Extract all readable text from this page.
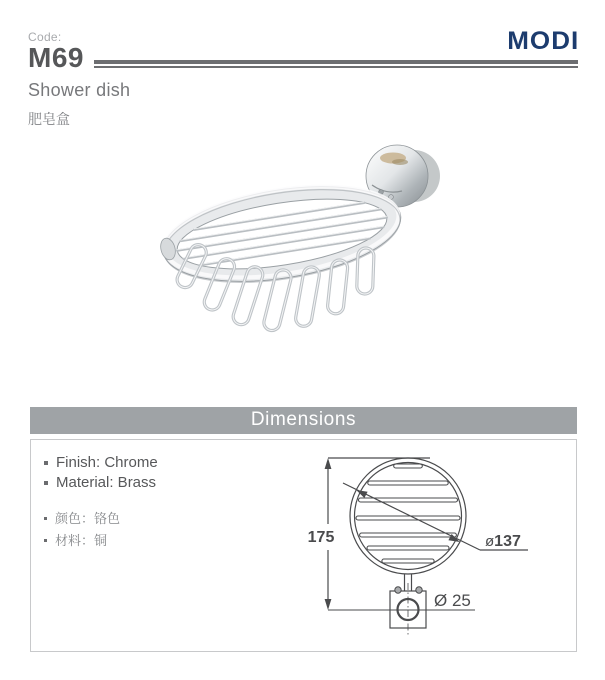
Code:
M69
MODI
Shower dish
肥皂盒
Dimensions
Finish: Chrome
Material: Brass
颜色：铬色
材料：铜	175	ø137
Ø 25
